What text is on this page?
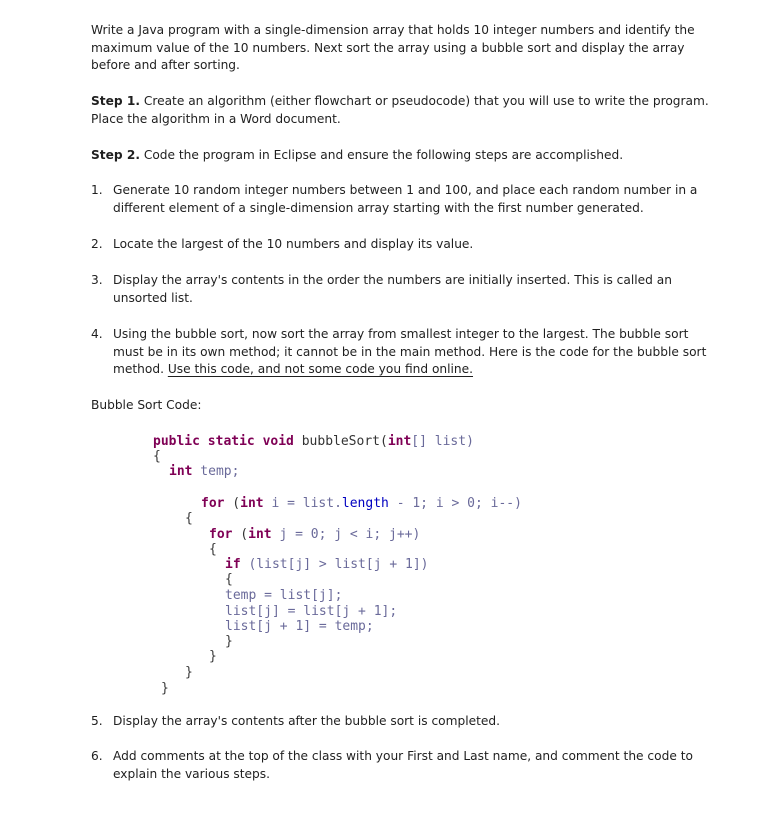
Write a Java program with a single-dimension array that holds 10 integer numbers and identify the maximum value of the 10 numbers. Next sort the array using a bubble sort and display the array before and after sorting.

Step 1. Create an algorithm (either flowchart or pseudocode) that you will use to write the program. Place the algorithm in a Word document.

Step 2. Code the program in Eclipse and ensure the following steps are accomplished.

1. Generate 10 random integer numbers between 1 and 100, and place each random number in a different element of a single-dimension array starting with the first number generated.
2. Locate the largest of the 10 numbers and display its value.
3. Display the array's contents in the order the numbers are initially inserted. This is called an unsorted list.
4. Using the bubble sort, now sort the array from smallest integer to the largest. The bubble sort must be in its own method; it cannot be in the main method. Here is the code for the bubble sort method. Use this code, and not some code you find online.

Bubble Sort Code:

public static void bubbleSort(int[] list)
{
int temp;
for (int i = list.length - 1; i > 0; i--)
{
for (int j = 0; j < i; j++)
{
if (list[j] > list[j + 1])
{
temp = list[j];
list[j] = list[j + 1];
list[j + 1] = temp;
}
}
}
}
5. Display the array's contents after the bubble sort is completed.
6. Add comments at the top of the class with your First and Last name, and comment the code to explain the various steps.
